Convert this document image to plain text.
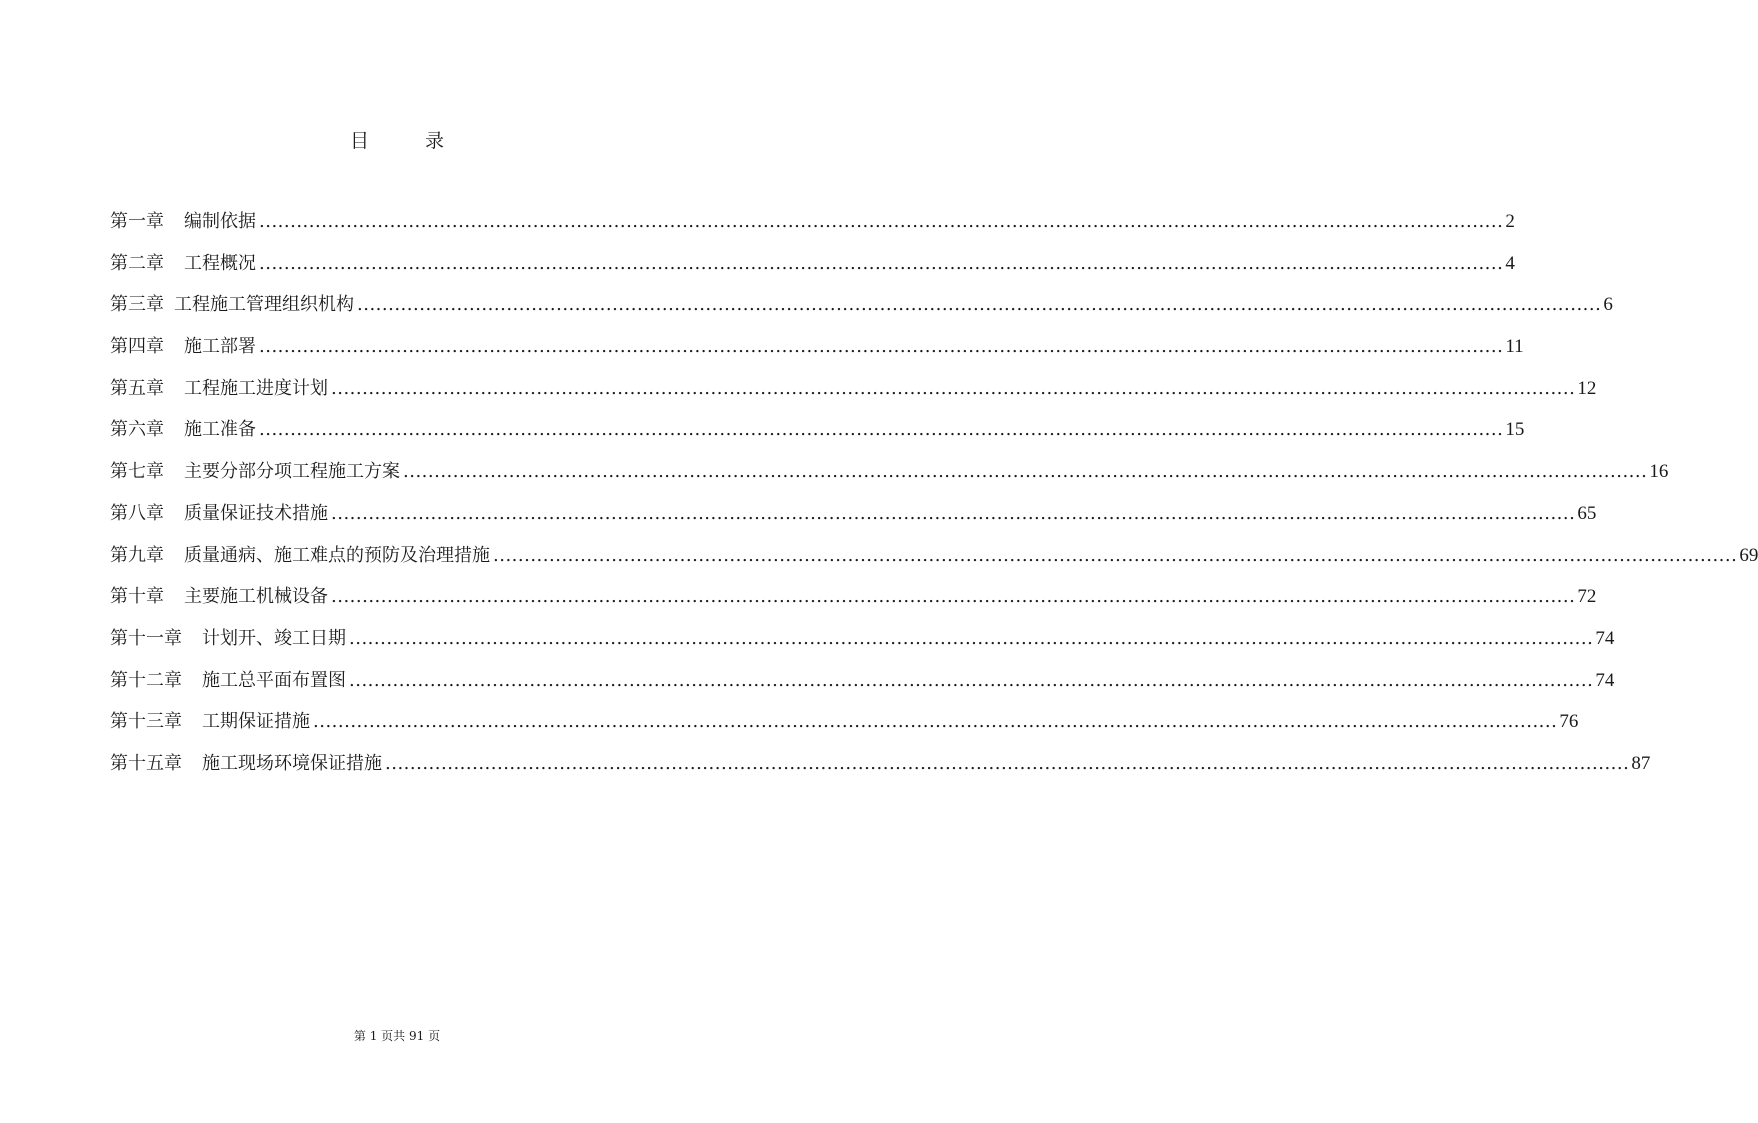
目	录
第一章 编制依据 ........................................................................................................................................................................................................ 2
第二章 工程概况 ........................................................................................................................................................................................................ 4
第三章 工程施工管理组织机构 ........................................................................................................................................................................................................ 6
第四章 施工部署 ........................................................................................................................................................................................................ 11
第五章 工程施工进度计划 ........................................................................................................................................................................................................ 12
第六章 施工准备 ........................................................................................................................................................................................................ 15
第七章 主要分部分项工程施工方案 ........................................................................................................................................................................................................ 16
第八章 质量保证技术措施 ........................................................................................................................................................................................................ 65
第九章 质量通病、施工难点的预防及治理措施 ........................................................................................................................................................................................................ 69
第十章 主要施工机械设备 ........................................................................................................................................................................................................ 72
第十一章 计划开、竣工日期 ........................................................................................................................................................................................................ 74
第十二章 施工总平面布置图 ........................................................................................................................................................................................................ 74
第十三章 工期保证措施 ........................................................................................................................................................................................................ 76
第十五章 施工现场环境保证措施 ........................................................................................................................................................................................................ 87
第 1 页共 91 页
